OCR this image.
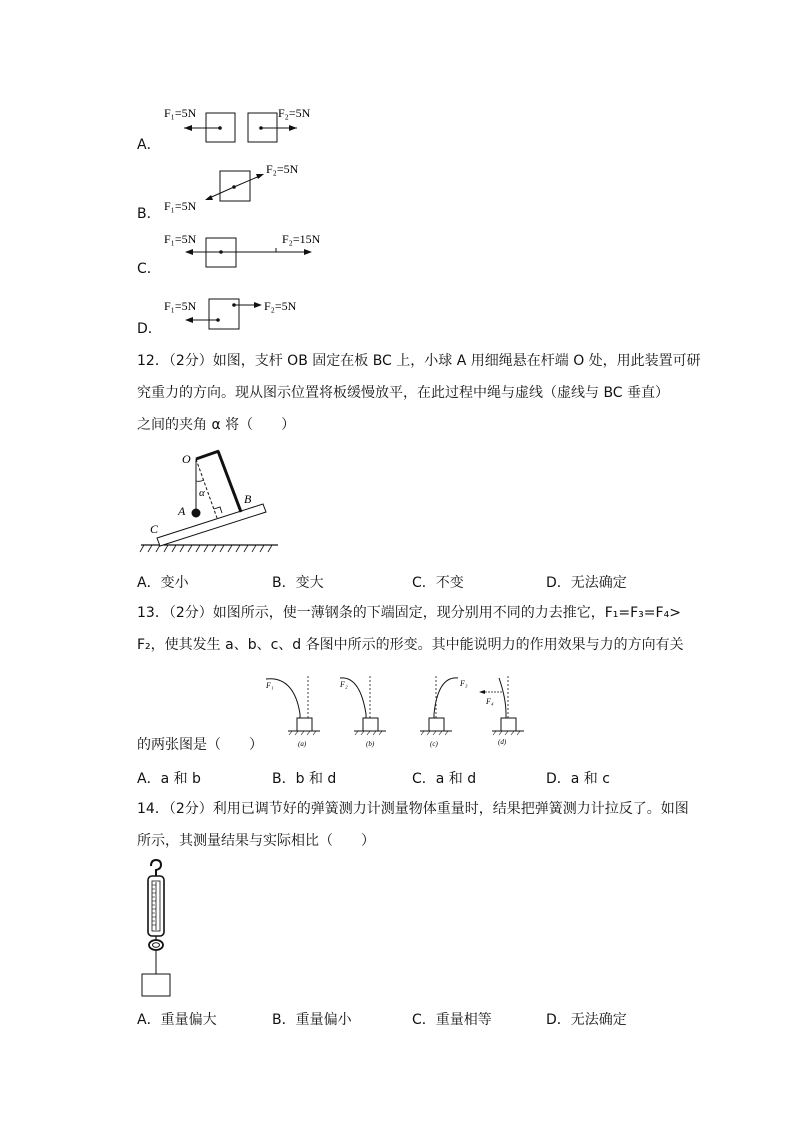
A．
F₁=5N	F₂=5N
B．
F₂=5N
F₁=5N
C．
F₁=5N	F₂=15N
D．
F₁=5N	F₂=5N
12．（2分）如图，支杆 OB 固定在板 BC 上，小球 A 用细绳悬在杆端 O 处，用此装置可研
究重力的方向。现从图示位置将板缓慢放平，在此过程中绳与虚线（虚线与 BC 垂直）
之间的夹角 α 将（　　）
O
α
A
B
C
A．变小	B．变大	C．不变	D．无法确定
13．（2分）如图所示，使一薄钢条的下端固定，现分别用不同的力去推它，F₁=F₃=F₄>
F₂，使其发生 a、b、c、d 各图中所示的形变。其中能说明力的作用效果与力的方向有关
F₁
(a)
F₂
(b)
F₃
(c)
F₄
(d)
的两张图是（　　）
A．a 和 b	B．b 和 d	C．a 和 d	D．a 和 c
14．（2分）利用已调节好的弹簧测力计测量物体重量时，结果把弹簧测力计拉反了。如图
所示，其测量结果与实际相比（　　）
A．重量偏大	B．重量偏小	C．重量相等	D．无法确定
